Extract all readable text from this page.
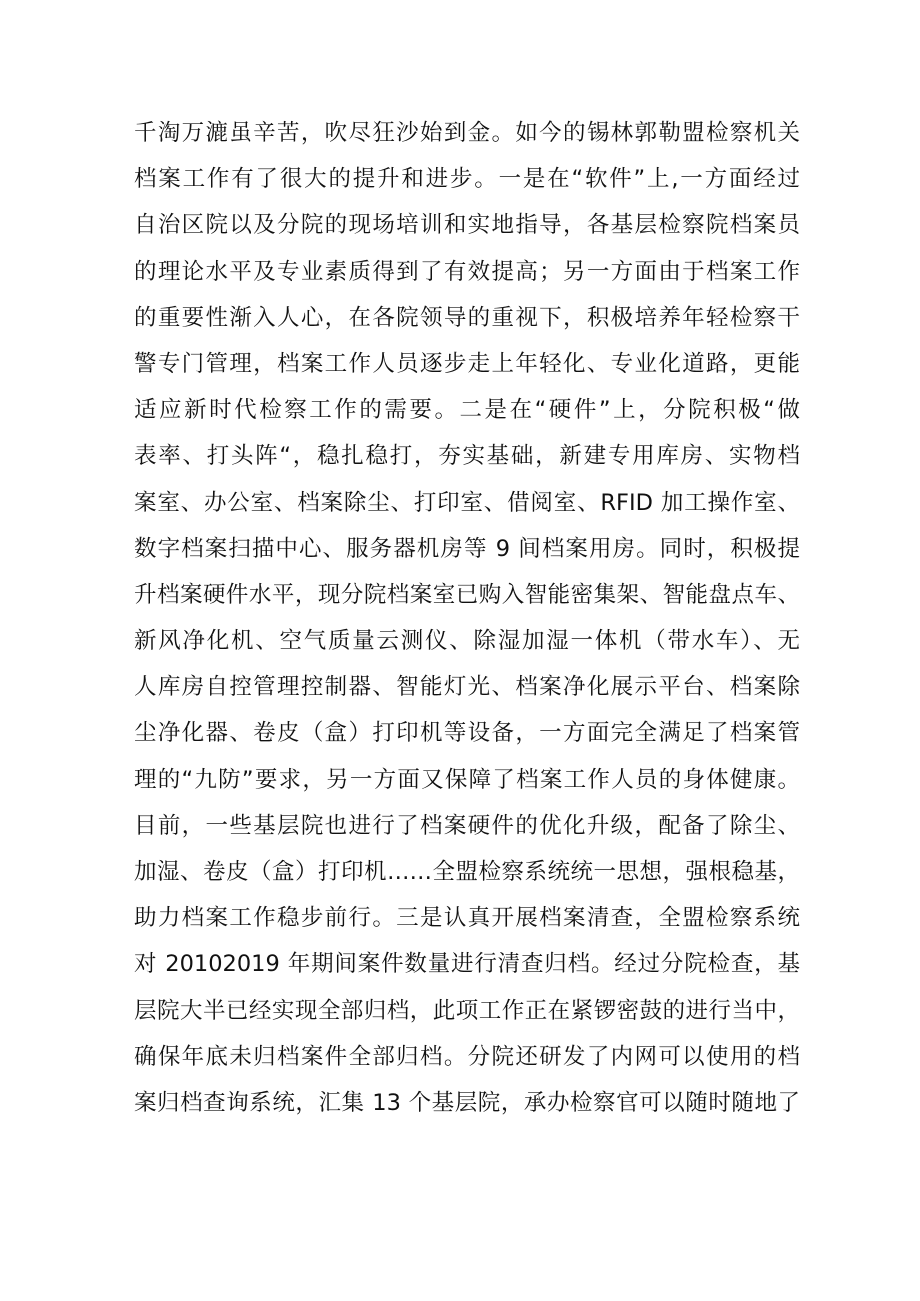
千淘万漉虽辛苦，吹尽狂沙始到金。如今的锡林郭勒盟检察机关
档案工作有了很大的提升和进步。一是在“软件”上,一方面经过
自治区院以及分院的现场培训和实地指导，各基层检察院档案员
的理论水平及专业素质得到了有效提高；另一方面由于档案工作
的重要性渐入人心，在各院领导的重视下，积极培养年轻检察干
警专门管理，档案工作人员逐步走上年轻化、专业化道路，更能
适应新时代检察工作的需要。二是在“硬件”上，分院积极“做
表率、打头阵“，稳扎稳打，夯实基础，新建专用库房、实物档
案室、办公室、档案除尘、打印室、借阅室、RFID 加工操作室、
数字档案扫描中心、服务器机房等 9 间档案用房。同时，积极提
升档案硬件水平，现分院档案室已购入智能密集架、智能盘点车、
新风净化机、空气质量云测仪、除湿加湿一体机（带水车）、无
人库房自控管理控制器、智能灯光、档案净化展示平台、档案除
尘净化器、卷皮（盒）打印机等设备，一方面完全满足了档案管
理的“九防”要求，另一方面又保障了档案工作人员的身体健康。
目前，一些基层院也进行了档案硬件的优化升级，配备了除尘、
加湿、卷皮（盒）打印机……全盟检察系统统一思想，强根稳基，
助力档案工作稳步前行。三是认真开展档案清查，全盟检察系统
对 20102019 年期间案件数量进行清查归档。经过分院检查，基
层院大半已经实现全部归档，此项工作正在紧锣密鼓的进行当中，
确保年底未归档案件全部归档。分院还研发了内网可以使用的档
案归档查询系统，汇集 13 个基层院，承办检察官可以随时随地了
